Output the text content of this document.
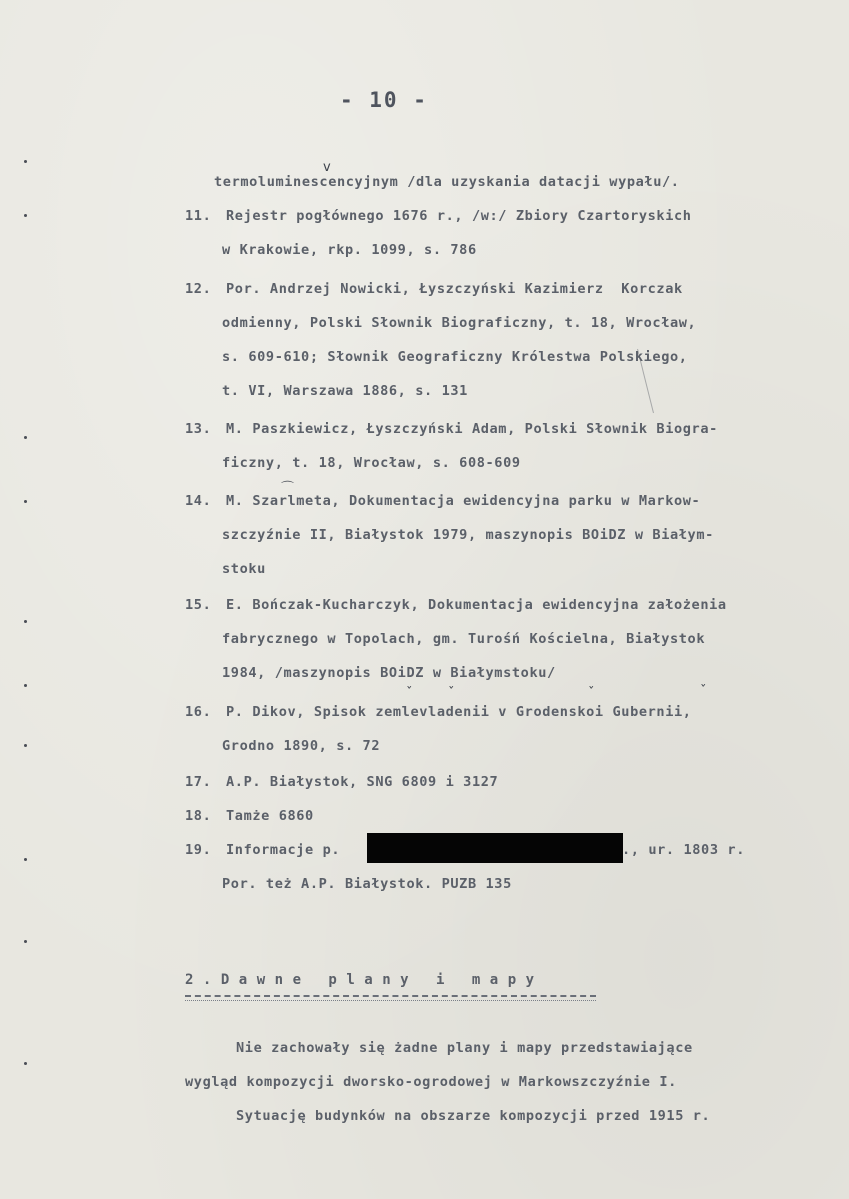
- 10 -
termoluminescencyjnym /dla uzyskania datacji wypału/.
v
11. Rejestr pogłównego 1676 r., /w:/ Zbiory Czartoryskich
w Krakowie, rkp. 1099, s. 786
12. Por. Andrzej Nowicki, Łyszczyński Kazimierz  Korczak
odmienny, Polski Słownik Biograficzny, t. 18, Wrocław,
s. 609-610; Słownik Geograficzny Królestwa Polskiego,
t. VI, Warszawa 1886, s. 131
13. M. Paszkiewicz, Łyszczyński Adam, Polski Słownik Biogra-
ficzny, t. 18, Wrocław, s. 608-609
14. M. Szarlmeta, Dokumentacja ewidencyjna parku w Markow-
szczyźnie II, Białystok 1979, maszynopis BOiDZ w Białym-
stoku
⌒
15. E. Bończak-Kucharczyk, Dokumentacja ewidencyjna założenia
fabrycznego w Topolach, gm. Turośń Kościelna, Białystok
1984, /maszynopis BOiDZ w Białymstoku/
16. P. Dikov, Spisok zemlevladenii v Grodenskoi Gubernii,
Grodno 1890, s. 72
ˇ	ˇ	ˇ	ˇ
17. A.P. Białystok, SNG 6809 i 3127
18. Tamże 6860
19. Informacje p.	., ur. 1803 r.
Por. też A.P. Białystok. PUZB 135
2.Dawne plany i mapy
Nie zachowały się żadne plany i mapy przedstawiające
wygląd kompozycji dworsko-ogrodowej w Markowszczyźnie I.
Sytuację budynków na obszarze kompozycji przed 1915 r.
